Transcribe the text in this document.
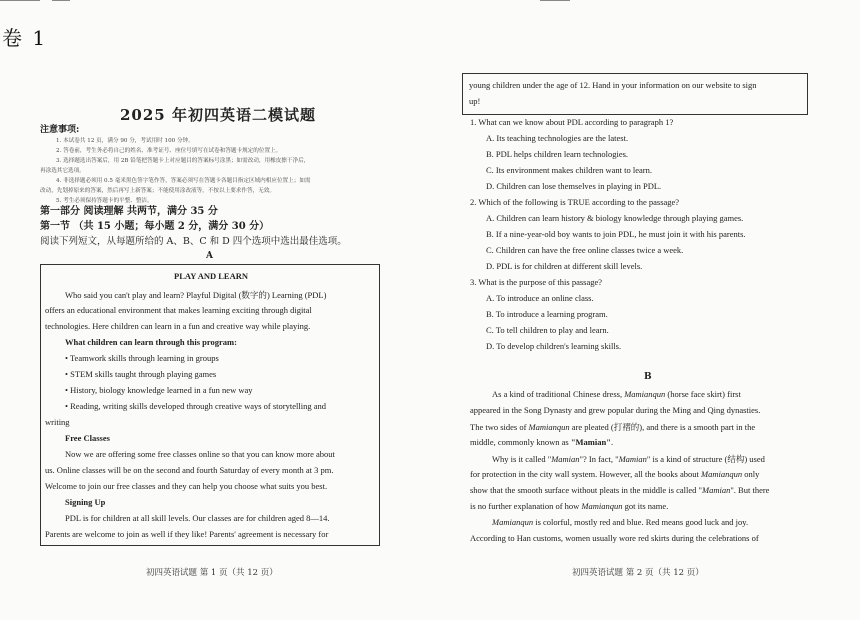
卷 1
2025 年初四英语二模试题
注意事项:
1. 本试卷共 12 页，满分 90 分，考试用时 100 分钟。
2. 答卷前，考生务必将自己的姓名、准考证号、座位号填写在试卷和答题卡规定的位置上。
3. 选择题选出答案后，用 2B 铅笔把答题卡上对应题目的答案标号涂黑；如需改动，用橡皮擦干净后，
再涂选其它选项。
4. 非选择题必须用 0.5 毫米黑色签字笔作答，答案必须写在答题卡各题目指定区域内相应位置上；如需
改动，先划掉原来的答案，然后再写上新答案；不能使用涂改液等。不按以上要求作答，无效。
5. 考生必须保持答题卡的平整、整洁。
第一部分 阅读理解 共两节，满分 35 分
第一节 （共 15 小题；每小题 2 分，满分 30 分）
阅读下列短文，从每题所给的 A、B、C 和 D 四个选项中选出最佳选项。
A
PLAY AND LEARN
Who said you can't play and learn? Playful Digital (数字的) Learning (PDL)
offers an educational environment that makes learning exciting through digital
technologies. Here children can learn in a fun and creative way while playing.
What children can learn through this program:
• Teamwork skills through learning in groups
• STEM skills taught through playing games
• History, biology knowledge learned in a fun new way
• Reading, writing skills developed through creative ways of storytelling and
writing
Free Classes
Now we are offering some free classes online so that you can know more about
us. Online classes will be on the second and fourth Saturday of every month at 3 pm.
Welcome to join our free classes and they can help you choose what suits you best.
Signing Up
PDL is for children at all skill levels. Our classes are for children aged 8—14.
Parents are welcome to join as well if they like! Parents' agreement is necessary for
初四英语试题 第 1 页（共 12 页）
young children under the age of 12. Hand in your information on our website to sign
up!
1. What can we know about PDL according to paragraph 1?
A. Its teaching technologies are the latest.
B. PDL helps children learn technologies.
C. Its environment makes children want to learn.
D. Children can lose themselves in playing in PDL.
2. Which of the following is TRUE according to the passage?
A. Children can learn history & biology knowledge through playing games.
B. If a nine-year-old boy wants to join PDL, he must join it with his parents.
C. Children can have the free online classes twice a week.
D. PDL is for children at different skill levels.
3. What is the purpose of this passage?
A. To introduce an online class.
B. To introduce a learning program.
C. To tell children to play and learn.
D. To develop children's learning skills.
B
As a kind of traditional Chinese dress, Mamianqun (horse face skirt) first
appeared in the Song Dynasty and grew popular during the Ming and Qing dynasties.
The two sides of Mamianqun are pleated (打褶的), and there is a smooth part in the
middle, commonly known as "Mamian".
Why is it called "Mamian"? In fact, "Mamian" is a kind of structure (结构) used
for protection in the city wall system. However, all the books about Mamianqun only
show that the smooth surface without pleats in the middle is called "Mamian". But there
is no further explanation of how Mamianqun got its name.
Mamianqun is colorful, mostly red and blue. Red means good luck and joy.
According to Han customs, women usually wore red skirts during the celebrations of
初四英语试题 第 2 页（共 12 页）
